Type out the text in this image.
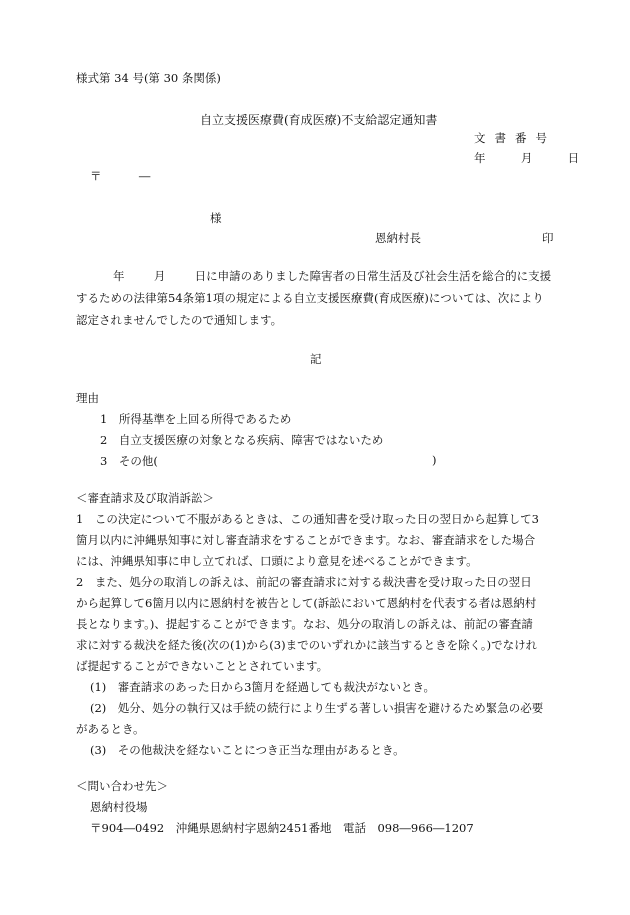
様式第 34 号(第 30 条関係)
自立支援医療費(育成医療)不支給認定通知書
文書番号
年	月	日
〒	―
様
恩納村長	印
年	月	日に申請のありました障害者の日常生活及び社会生活を総合的に支援
するための法律第54条第1項の規定による自立支援医療費(育成医療)については、次により
認定されませんでしたので通知します。
記
理由
1　所得基準を上回る所得であるため
2　自立支援医療の対象となる疾病、障害ではないため
3　その他(	)
＜審査請求及び取消訴訟＞
1　この決定について不服があるときは、この通知書を受け取った日の翌日から起算して3
箇月以内に沖縄県知事に対し審査請求をすることができます。なお、審査請求をした場合
には、沖縄県知事に申し立てれば、口頭により意見を述べることができます。
2　また、処分の取消しの訴えは、前記の審査請求に対する裁決書を受け取った日の翌日
から起算して6箇月以内に恩納村を被告として(訴訟において恩納村を代表する者は恩納村
長となります。)、提起することができます。なお、処分の取消しの訴えは、前記の審査請
求に対する裁決を経た後(次の(1)から(3)までのいずれかに該当するときを除く。)でなけれ
ば提起することができないこととされています。
(1)　審査請求のあった日から3箇月を経過しても裁決がないとき。
(2)　処分、処分の執行又は手続の続行により生ずる著しい損害を避けるため緊急の必要
があるとき。
(3)　その他裁決を経ないことにつき正当な理由があるとき。
＜問い合わせ先＞
恩納村役場
〒904―0492　沖縄県恩納村字恩納2451番地　電話　098―966―1207
